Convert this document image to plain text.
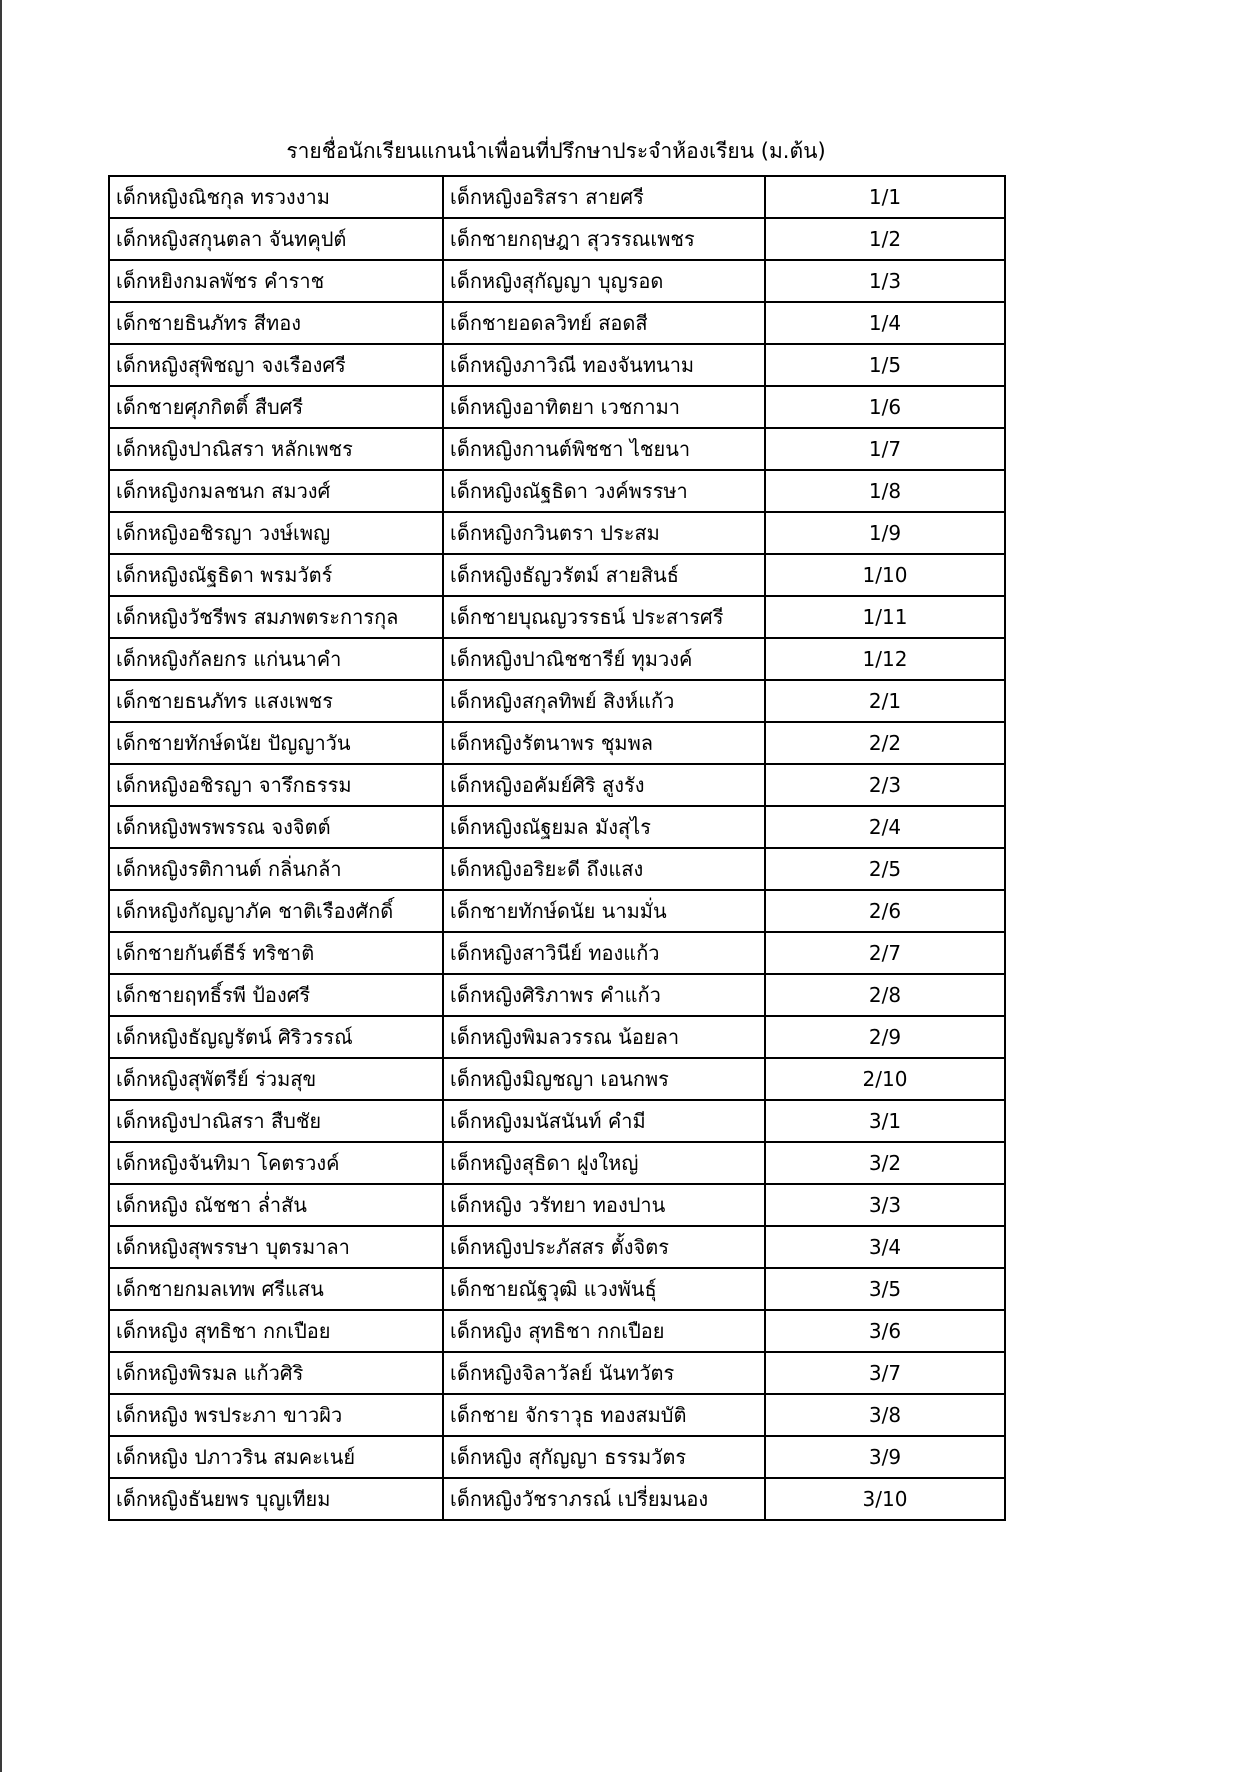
รายชื่อนักเรียนแกนนำเพื่อนที่ปรึกษาประจำห้องเรียน (ม.ต้น)
เด็กหญิงณิชกุล ทรวงงาม	เด็กหญิงอริสรา สายศรี	1/1
เด็กหญิงสกุนตลา จันทคุปต์	เด็กชายกฤษฎา สุวรรณเพชร	1/2
เด็กหยิงกมลพัชร คำราช	เด็กหญิงสุกัญญา บุญรอด	1/3
เด็กชายธินภัทร สีทอง	เด็กชายอดลวิทย์ สอดสี	1/4
เด็กหญิงสุพิชญา จงเรืองศรี	เด็กหญิงภาวิณี ทองจันทนาม	1/5
เด็กชายศุภกิตติ์ สืบศรี	เด็กหญิงอาทิตยา เวชกามา	1/6
เด็กหญิงปาณิสรา หลักเพชร	เด็กหญิงกานต์พิชชา ไชยนา	1/7
เด็กหญิงกมลชนก สมวงศ์	เด็กหญิงณัฐธิดา วงค์พรรษา	1/8
เด็กหญิงอชิรญา วงษ์เพญ	เด็กหญิงกวินตรา ประสม	1/9
เด็กหญิงณัฐธิดา พรมวัตร์	เด็กหญิงธัญวรัตม์ สายสินธ์	1/10
เด็กหญิงวัชรีพร สมภพตระการกุล	เด็กชายบุณญวรรธน์ ประสารศรี	1/11
เด็กหญิงกัลยกร แก่นนาคำ	เด็กหญิงปาณิชชารีย์ ทุมวงค์	1/12
เด็กชายธนภัทร แสงเพชร	เด็กหญิงสกุลทิพย์ สิงห์แก้ว	2/1
เด็กชายทักษ์ดนัย ปัญญาวัน	เด็กหญิงรัตนาพร ชุมพล	2/2
เด็กหญิงอชิรญา จารึกธรรม	เด็กหญิงอคัมย์ศิริ สูงรัง	2/3
เด็กหญิงพรพรรณ จงจิตต์	เด็กหญิงณัฐยมล มังสุไร	2/4
เด็กหญิงรติกานต์ กลิ่นกล้า	เด็กหญิงอริยะดี ถึงแสง	2/5
เด็กหญิงกัญญาภัค ชาติเรืองศักดิ์	เด็กชายทักษ์ดนัย นามมั่น	2/6
เด็กชายกันต์ธีร์ ทริชาติ	เด็กหญิงสาวินีย์ ทองแก้ว	2/7
เด็กชายฤทธิ์รพี ป้องศรี	เด็กหญิงศิริภาพร คำแก้ว	2/8
เด็กหญิงธัญญรัตน์ ศิริวรรณ์	เด็กหญิงพิมลวรรณ น้อยลา	2/9
เด็กหญิงสุพัตรีย์ ร่วมสุข	เด็กหญิงมิญชญา เอนกพร	2/10
เด็กหญิงปาณิสรา สืบชัย	เด็กหญิงมนัสนันท์ คำมี	3/1
เด็กหญิงจันทิมา โคตรวงค์	เด็กหญิงสุธิดา ฝูงใหญ่	3/2
เด็กหญิง ณัชชา ล่ำสัน	เด็กหญิง วรัทยา ทองปาน	3/3
เด็กหญิงสุพรรษา บุตรมาลา	เด็กหญิงประภัสสร ตั้งจิตร	3/4
เด็กชายกมลเทพ ศรีแสน	เด็กชายณัฐวุฒิ แวงพันธุ์	3/5
เด็กหญิง สุทธิชา กกเปือย	เด็กหญิง สุทธิชา กกเปือย	3/6
เด็กหญิงพิรมล แก้วศิริ	เด็กหญิงจิลาวัลย์ นันทวัตร	3/7
เด็กหญิง พรประภา ขาวผิว	เด็กชาย จักราวุธ ทองสมบัติ	3/8
เด็กหญิง ปภาวริน สมคะเนย์	เด็กหญิง สุกัญญา ธรรมวัตร	3/9
เด็กหญิงธันยพร บุญเทียม	เด็กหญิงวัชราภรณ์ เปรี่ยมนอง	3/10
